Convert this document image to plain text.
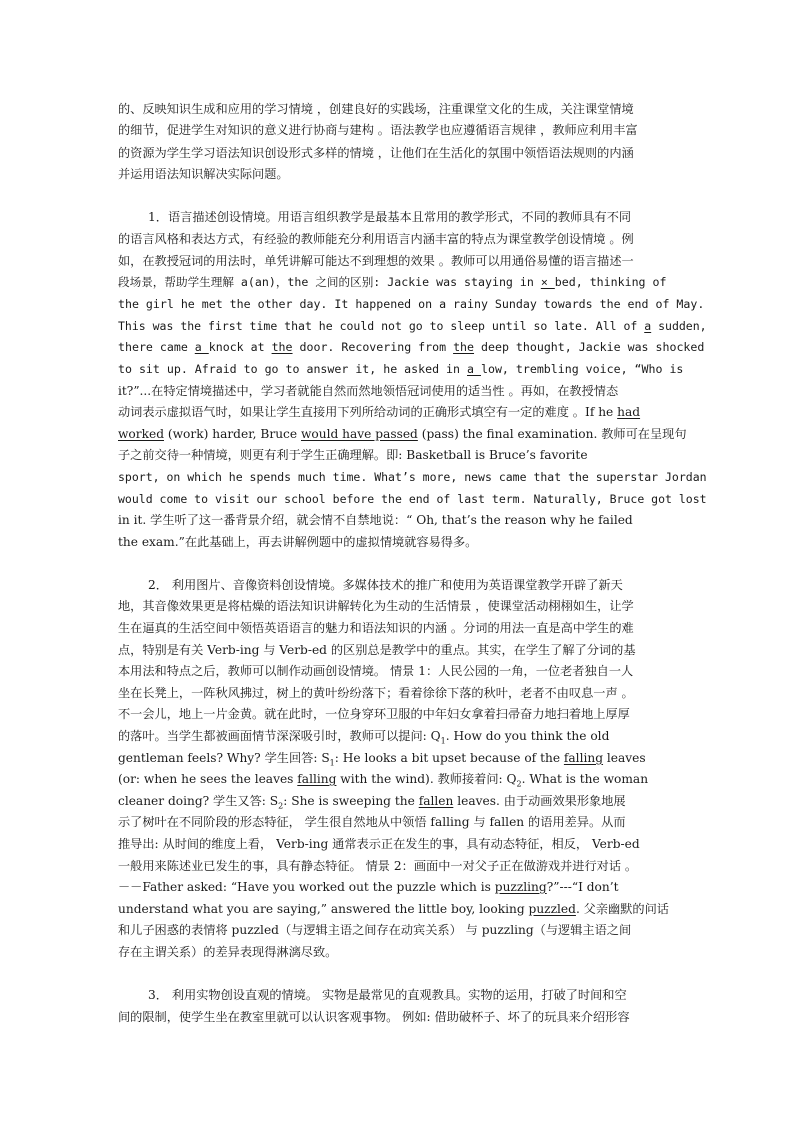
的、反映知识生成和应用的学习情境 ，创建良好的实践场，注重课堂文化的生成，关注课堂情境
的细节，促进学生对知识的意义进行协商与建构 。语法教学也应遵循语言规律 ，教师应利用丰富
的资源为学生学习语法知识创设形式多样的情境 ，让他们在生活化的氛围中领悟语法规则的内涵
并运用语法知识解决实际问题。
1．语言描述创设情境。用语言组织教学是最基本且常用的教学形式，不同的教师具有不同
的语言风格和表达方式，有经验的教师能充分利用语言内涵丰富的特点为课堂教学创设情境 。例
如，在教授冠词的用法时，单凭讲解可能达不到理想的效果 。教师可以用通俗易懂的语言描述一
段场景，帮助学生理解 a(an)，the 之间的区别: Jackie was staying in × bed, thinking of
the girl he met the other day. It happened on a rainy Sunday towards the end of May.
This was the first time that he could not go to sleep until so late. All of a sudden,
there came a knock at the door. Recovering from the deep thought, Jackie was shocked
to sit up. Afraid to go to answer it, he asked in a low, trembling voice, “Who is
it?”...在特定情境描述中，学习者就能自然而然地领悟冠词使用的适当性 。再如，在教授情态
动词表示虚拟语气时，如果让学生直接用下列所给动词的正确形式填空有一定的难度 。If he had
worked (work) harder, Bruce would have passed (pass) the final examination. 教师可在呈现句
子之前交待一种情境，则更有利于学生正确理解。即: Basketball is Bruce’s favorite
sport, on which he spends much time. What’s more, news came that the superstar Jordan
would come to visit our school before the end of last term. Naturally, Bruce got lost
in it. 学生听了这一番背景介绍，就会情不自禁地说：“ Oh, that’s the reason why he failed
the exam.”在此基础上，再去讲解例题中的虚拟情境就容易得多。
2． 利用图片、音像资料创设情境。多媒体技术的推广和使用为英语课堂教学开辟了新天
地，其音像效果更是将枯燥的语法知识讲解转化为生动的生活情景 ，使课堂活动栩栩如生，让学
生在逼真的生活空间中领悟英语语言的魅力和语法知识的内涵 。分词的用法一直是高中学生的难
点，特别是有关 Verb-ing 与 Verb-ed 的区别总是教学中的重点。其实，在学生了解了分词的基
本用法和特点之后，教师可以制作动画创设情境。 情景 1：人民公园的一角，一位老者独自一人
坐在长凳上，一阵秋风拂过，树上的黄叶纷纷落下；看着徐徐下落的秋叶，老者不由叹息一声 。
不一会儿，地上一片金黄。就在此时，一位身穿环卫服的中年妇女拿着扫帚奋力地扫着地上厚厚
的落叶。当学生都被画面情节深深吸引时，教师可以提问: $Q_1$. How do you think the old
gentleman feels? Why? 学生回答: $S_1$: He looks a bit upset because of the falling leaves
(or: when he sees the leaves falling with the wind). 教师接着问: $Q_2$. What is the woman
cleaner doing? 学生又答: $S_2$: She is sweeping the fallen leaves. 由于动画效果形象地展
示了树叶在不同阶段的形态特征， 学生很自然地从中领悟 falling 与 fallen 的语用差异。从而
推导出: 从时间的维度上看， Verb-ing 通常表示正在发生的事，具有动态特征，相反， Verb-ed
一般用来陈述业已发生的事，具有静态特征。 情景 2：画面中一对父子正在做游戏并进行对话 。
－－Father asked: “Have you worked out the puzzle which is puzzling?”---“I don’t
understand what you are saying,” answered the little boy, looking puzzled. 父亲幽默的问话
和儿子困惑的表情将 puzzled（与逻辑主语之间存在动宾关系） 与 puzzling（与逻辑主语之间
存在主谓关系）的差异表现得淋漓尽致。
3． 利用实物创设直观的情境。 实物是最常见的直观教具。实物的运用，打破了时间和空
间的限制，使学生坐在教室里就可以认识客观事物。 例如: 借助破杯子、坏了的玩具来介绍形容
